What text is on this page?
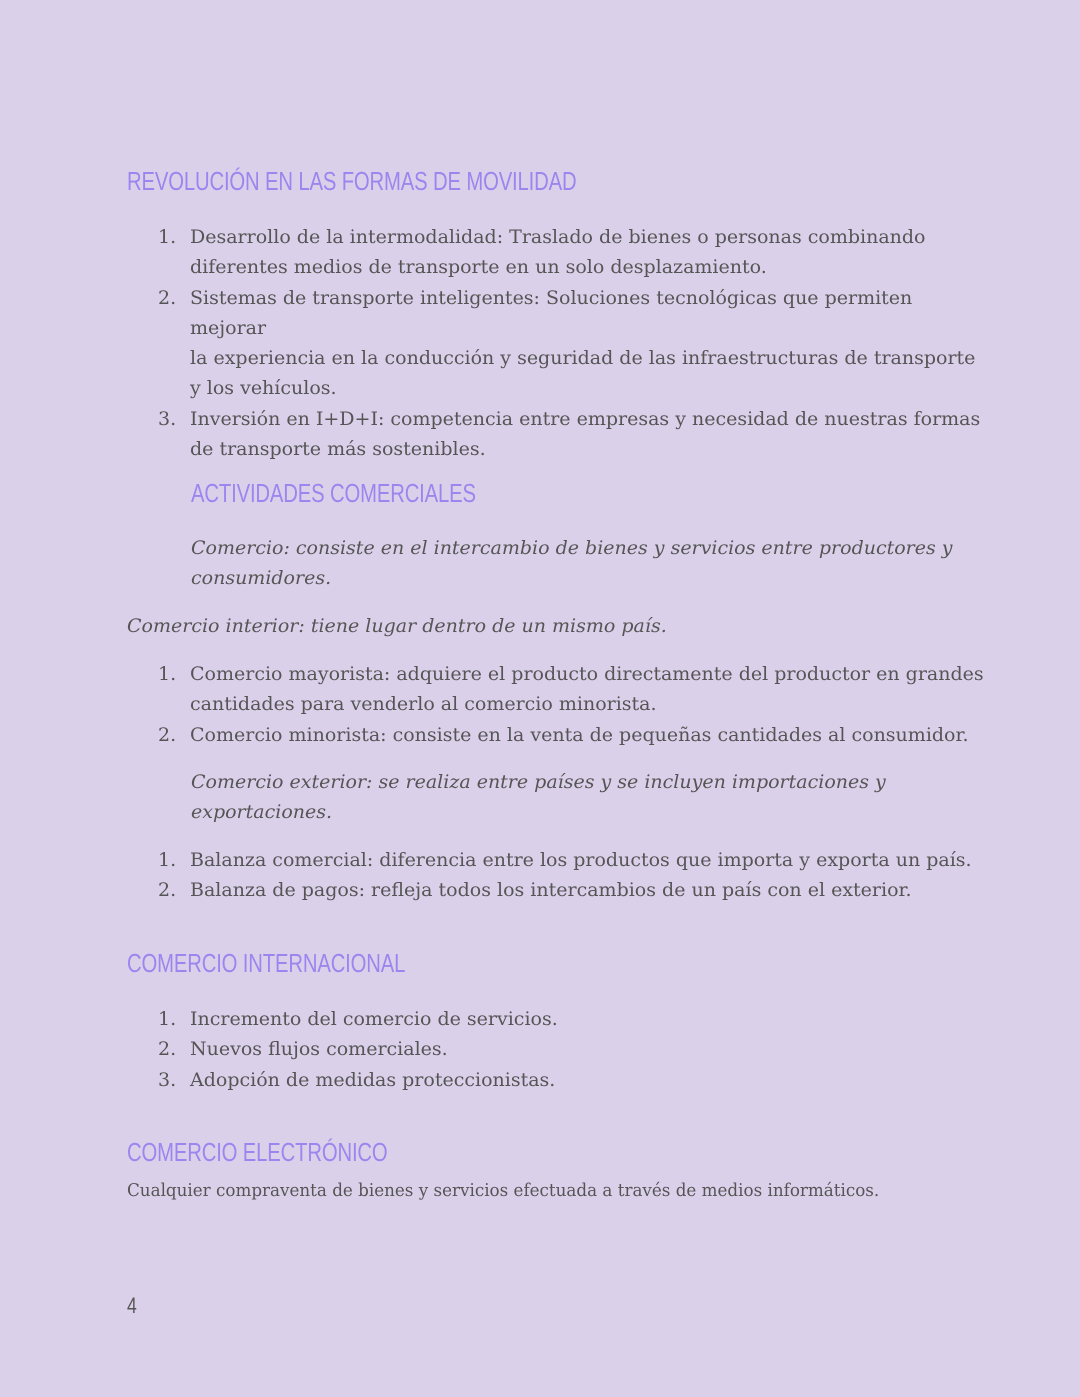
REVOLUCIÓN EN LAS FORMAS DE MOVILIDAD
1. Desarrollo de la intermodalidad: Traslado de bienes o personas combinando
diferentes medios de transporte en un solo desplazamiento.
2. Sistemas de transporte inteligentes: Soluciones tecnológicas que permiten mejorar
la experiencia en la conducción y seguridad de las infraestructuras de transporte
y los vehículos.
3. Inversión en I+D+I: competencia entre empresas y necesidad de nuestras formas
de transporte más sostenibles.
ACTIVIDADES COMERCIALES

Comercio: consiste en el intercambio de bienes y servicios entre productores y
consumidores.

Comercio interior: tiene lugar dentro de un mismo país.

1. Comercio mayorista: adquiere el producto directamente del productor en grandes
cantidades para venderlo al comercio minorista.
2. Comercio minorista: consiste en la venta de pequeñas cantidades al consumidor.

Comercio exterior: se realiza entre países y se incluyen importaciones y
exportaciones.

1. Balanza comercial: diferencia entre los productos que importa y exporta un país.
2. Balanza de pagos: refleja todos los intercambios de un país con el exterior.
COMERCIO INTERNACIONAL
1. Incremento del comercio de servicios.
2. Nuevos flujos comerciales.
3. Adopción de medidas proteccionistas.
COMERCIO ELECTRÓNICO

Cualquier compraventa de bienes y servicios efectuada a través de medios informáticos.

4
